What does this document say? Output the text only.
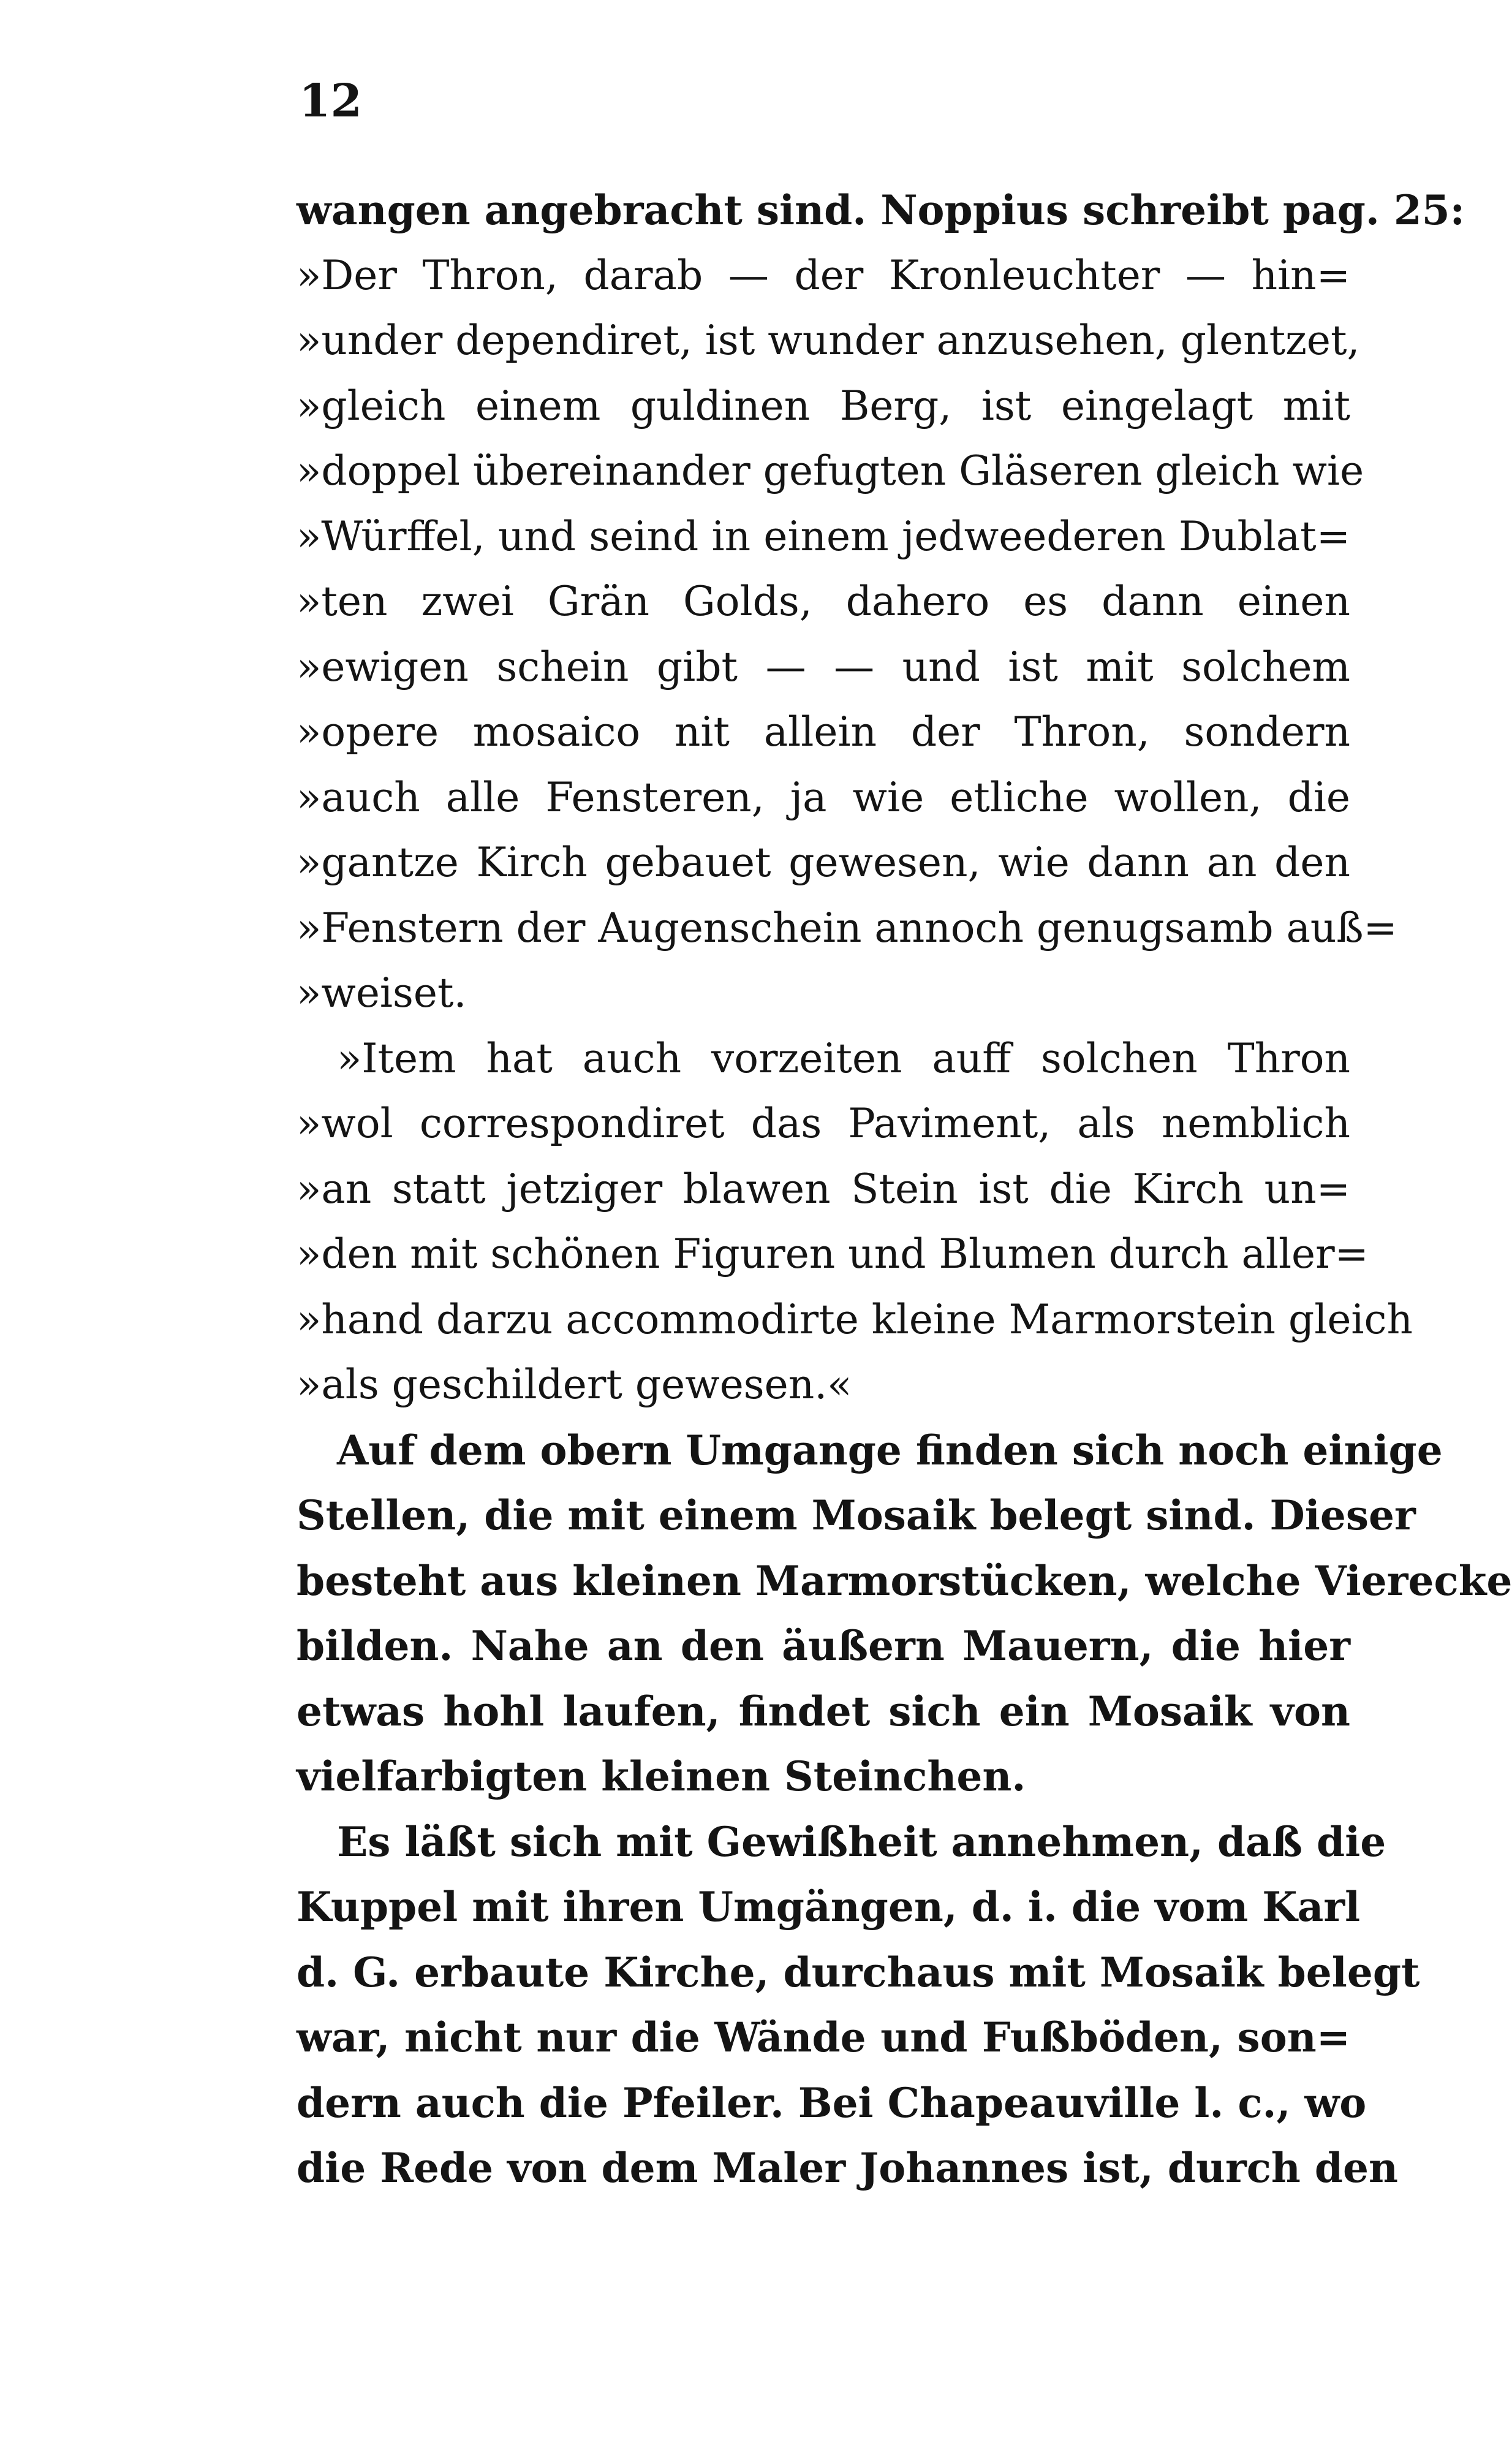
12
wangen angebracht sind. Noppius schreibt pag. 25:
»Der Thron, darab — der Kronleuchter — hin=
»under dependiret, ist wunder anzusehen, glentzet,
»gleich einem guldinen Berg, ist eingelagt mit
»doppel übereinander gefugten Gläseren gleich wie
»Würffel, und seind in einem jedweederen Dublat=
»ten zwei Grän Golds, dahero es dann einen
»ewigen schein gibt — — und ist mit solchem
»opere mosaico nit allein der Thron, sondern
»auch alle Fensteren, ja wie etliche wollen, die
»gantze Kirch gebauet gewesen, wie dann an den
»Fenstern der Augenschein annoch genugsamb auß=
»weiset.
»Item hat auch vorzeiten auff solchen Thron
»wol correspondiret das Paviment, als nemblich
»an statt jetziger blawen Stein ist die Kirch un=
»den mit schönen Figuren und Blumen durch aller=
»hand darzu accommodirte kleine Marmorstein gleich
»als geschildert gewesen.«
Auf dem obern Umgange finden sich noch einige
Stellen, die mit einem Mosaik belegt sind. Dieser
besteht aus kleinen Marmorstücken, welche Vierecke
bilden. Nahe an den äußern Mauern, die hier
etwas hohl laufen, findet sich ein Mosaik von
vielfarbigten kleinen Steinchen.
Es läßt sich mit Gewißheit annehmen, daß die
Kuppel mit ihren Umgängen, d. i. die vom Karl
d. G. erbaute Kirche, durchaus mit Mosaik belegt
war, nicht nur die Wände und Fußböden, son=
dern auch die Pfeiler. Bei Chapeauville l. c., wo
die Rede von dem Maler Johannes ist, durch den
